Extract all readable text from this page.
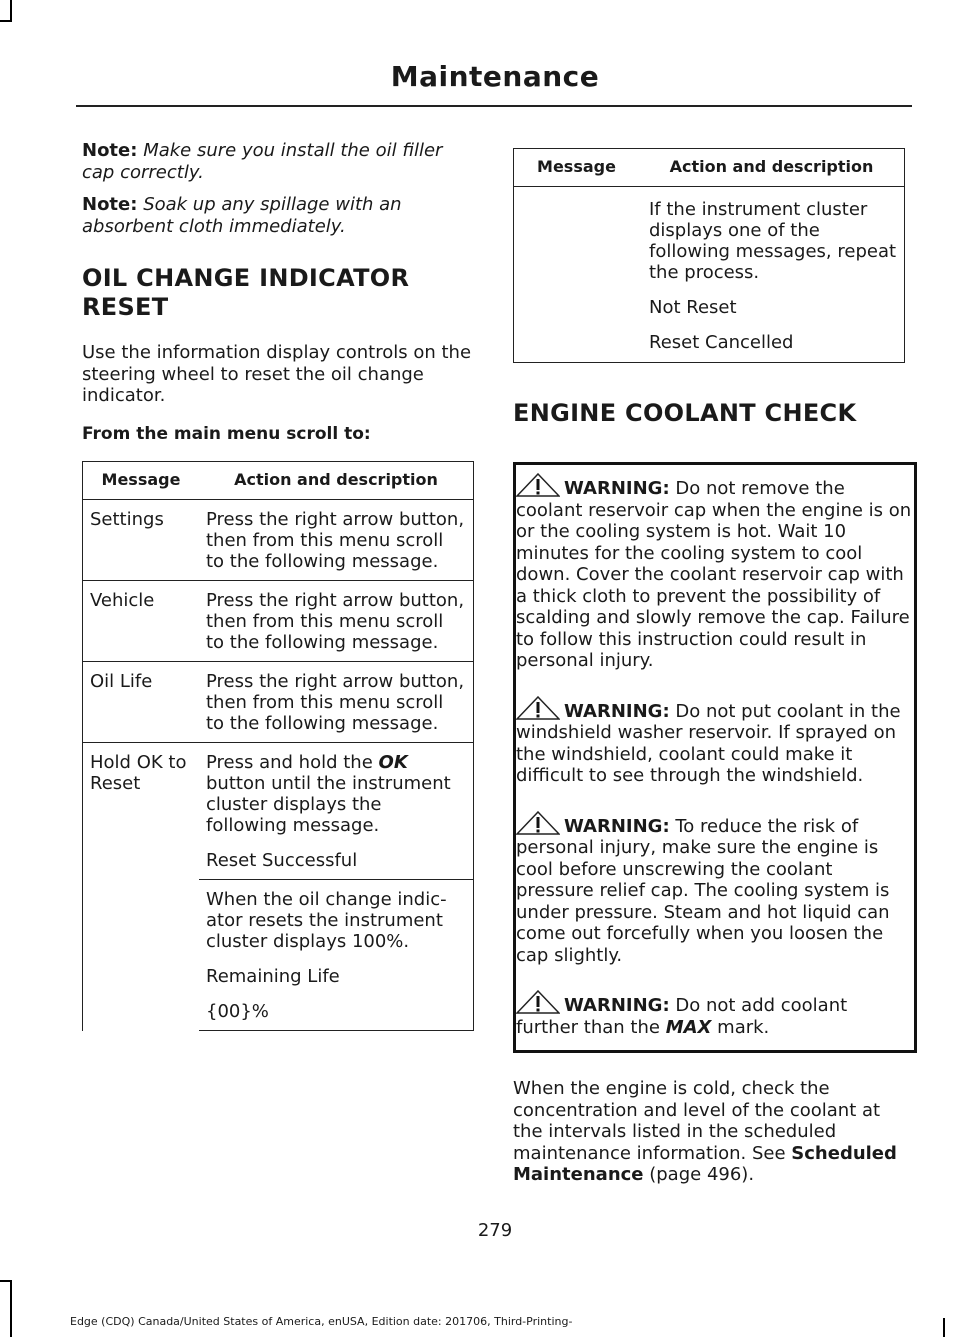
Maintenance

Note: Make sure you install the oil filler cap correctly.

Note: Soak up any spillage with an absorbent cloth immediately.

OIL CHANGE INDICATOR RESET

Use the information display controls on the steering wheel to reset the oil change indicator.

From the main menu scroll to:

Message	Action and description
Settings	Press the right arrow button, then from this menu scroll to the following message.
Vehicle	Press the right arrow button, then from this menu scroll to the following message.
Oil Life	Press the right arrow button, then from this menu scroll to the following message.
Hold OK to Reset	Press and hold the OK button until the instrument cluster displays the following message.
Reset Successful

	When the oil change indic-ator resets the instrument cluster displays 100%.
Remaining Life
{00}%
Message	Action and description

	If the instrument cluster displays one of the following messages, repeat the process.
Not Reset
Reset Cancelled
ENGINE COOLANT CHECK

WARNING: Do not remove the coolant reservoir cap when the engine is on or the cooling system is hot. Wait 10 minutes for the cooling system to cool down. Cover the coolant reservoir cap with a thick cloth to prevent the possibility of scalding and slowly remove the cap. Failure to follow this instruction could result in personal injury.

WARNING: Do not put coolant in the windshield washer reservoir. If sprayed on the windshield, coolant could make it difficult to see through the windshield.

WARNING: To reduce the risk of personal injury, make sure the engine is cool before unscrewing the coolant pressure relief cap. The cooling system is under pressure. Steam and hot liquid can come out forcefully when you loosen the cap slightly.

WARNING: Do not add coolant further than the MAX mark.

When the engine is cold, check the concentration and level of the coolant at the intervals listed in the scheduled maintenance information. See Scheduled Maintenance (page 496).

279
Edge (CDQ) Canada/United States of America, enUSA, Edition date: 201706, Third-Printing-
